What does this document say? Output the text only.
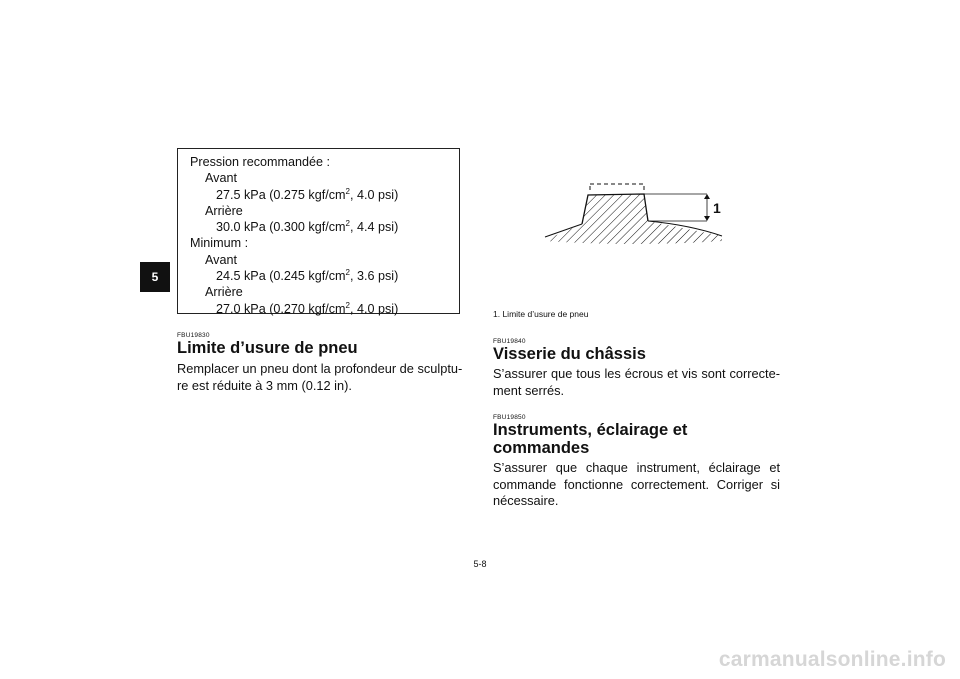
5
Pression recommandée :
Avant
27.5 kPa (0.275 kgf/$cm^2$, 4.0 psi)
Arrière
30.0 kPa (0.300 kgf/$cm^2$, 4.4 psi)
Minimum :
Avant
24.5 kPa (0.245 kgf/$cm^2$, 3.6 psi)
Arrière
27.0 kPa (0.270 kgf/$cm^2$, 4.0 psi)
FBU19830
Limite d’usure de pneu

Remplacer un pneu dont la profondeur de sculptu-re est réduite à 3 mm (0.12 in).

1
1. Limite d’usure de pneu
FBU19840
Visserie du châssis

S’assurer que tous les écrous et vis sont correcte-ment serrés.

FBU19850
Instruments, éclairage et commandes

S’assurer que chaque instrument, éclairage et commande fonctionne correctement. Corriger si nécessaire.

5-8
carmanualsonline.info
